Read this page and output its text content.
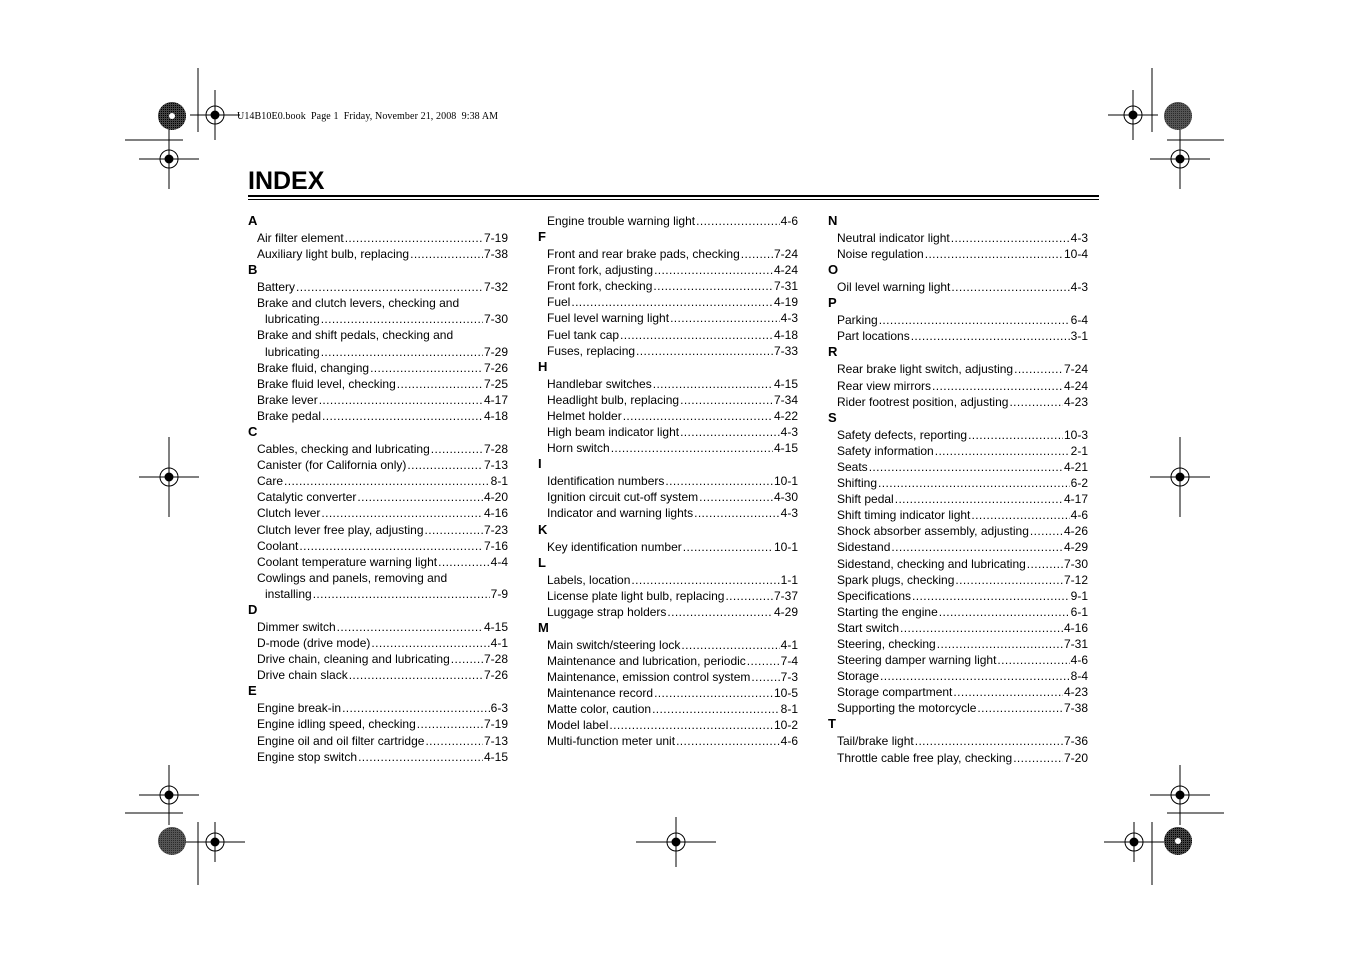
U14B10E0.book  Page 1  Friday, November 21, 2008  9:38 AM
INDEX
A
Air filter element .....	7-19
Auxiliary light bulb, replacing .....	7-38
B
Battery .....	7-32
Brake and clutch levers, checking and
lubricating .....	7-30
Brake and shift pedals, checking and
lubricating .....	7-29
Brake fluid, changing .....	7-26
Brake fluid level, checking .....	7-25
Brake lever .....	4-17
Brake pedal .....	4-18
C
Cables, checking and lubricating .....	7-28
Canister (for California only) .....	7-13
Care .....	8-1
Catalytic converter .....	4-20
Clutch lever .....	4-16
Clutch lever free play, adjusting .....	7-23
Coolant .....	7-16
Coolant temperature warning light .....	4-4
Cowlings and panels, removing and
installing .....	7-9
D
Dimmer switch .....	4-15
D-mode (drive mode) .....	4-1
Drive chain, cleaning and lubricating .....	7-28
Drive chain slack .....	7-26
E
Engine break-in .....	6-3
Engine idling speed, checking .....	7-19
Engine oil and oil filter cartridge .....	7-13
Engine stop switch .....	4-15
Engine trouble warning light .....	4-6
F
Front and rear brake pads, checking .....	7-24
Front fork, adjusting .....	4-24
Front fork, checking .....	7-31
Fuel .....	4-19
Fuel level warning light .....	4-3
Fuel tank cap .....	4-18
Fuses, replacing .....	7-33
H
Handlebar switches .....	4-15
Headlight bulb, replacing .....	7-34
Helmet holder .....	4-22
High beam indicator light .....	4-3
Horn switch .....	4-15
I
Identification numbers .....	10-1
Ignition circuit cut-off system .....	4-30
Indicator and warning lights .....	4-3
K
Key identification number .....	10-1
L
Labels, location .....	1-1
License plate light bulb, replacing .....	7-37
Luggage strap holders .....	4-29
M
Main switch/steering lock .....	4-1
Maintenance and lubrication, periodic .....	7-4
Maintenance, emission control system .....	7-3
Maintenance record .....	10-5
Matte color, caution .....	8-1
Model label .....	10-2
Multi-function meter unit .....	4-6
N
Neutral indicator light .....	4-3
Noise regulation .....	10-4
O
Oil level warning light .....	4-3
P
Parking .....	6-4
Part locations .....	3-1
R
Rear brake light switch, adjusting .....	7-24
Rear view mirrors .....	4-24
Rider footrest position, adjusting .....	4-23
S
Safety defects, reporting .....	10-3
Safety information .....	2-1
Seats .....	4-21
Shifting .....	6-2
Shift pedal .....	4-17
Shift timing indicator light .....	4-6
Shock absorber assembly, adjusting .....	4-26
Sidestand .....	4-29
Sidestand, checking and lubricating .....	7-30
Spark plugs, checking .....	7-12
Specifications .....	9-1
Starting the engine .....	6-1
Start switch .....	4-16
Steering, checking .....	7-31
Steering damper warning light .....	4-6
Storage .....	8-4
Storage compartment .....	4-23
Supporting the motorcycle .....	7-38
T
Tail/brake light .....	7-36
Throttle cable free play, checking .....	7-20
